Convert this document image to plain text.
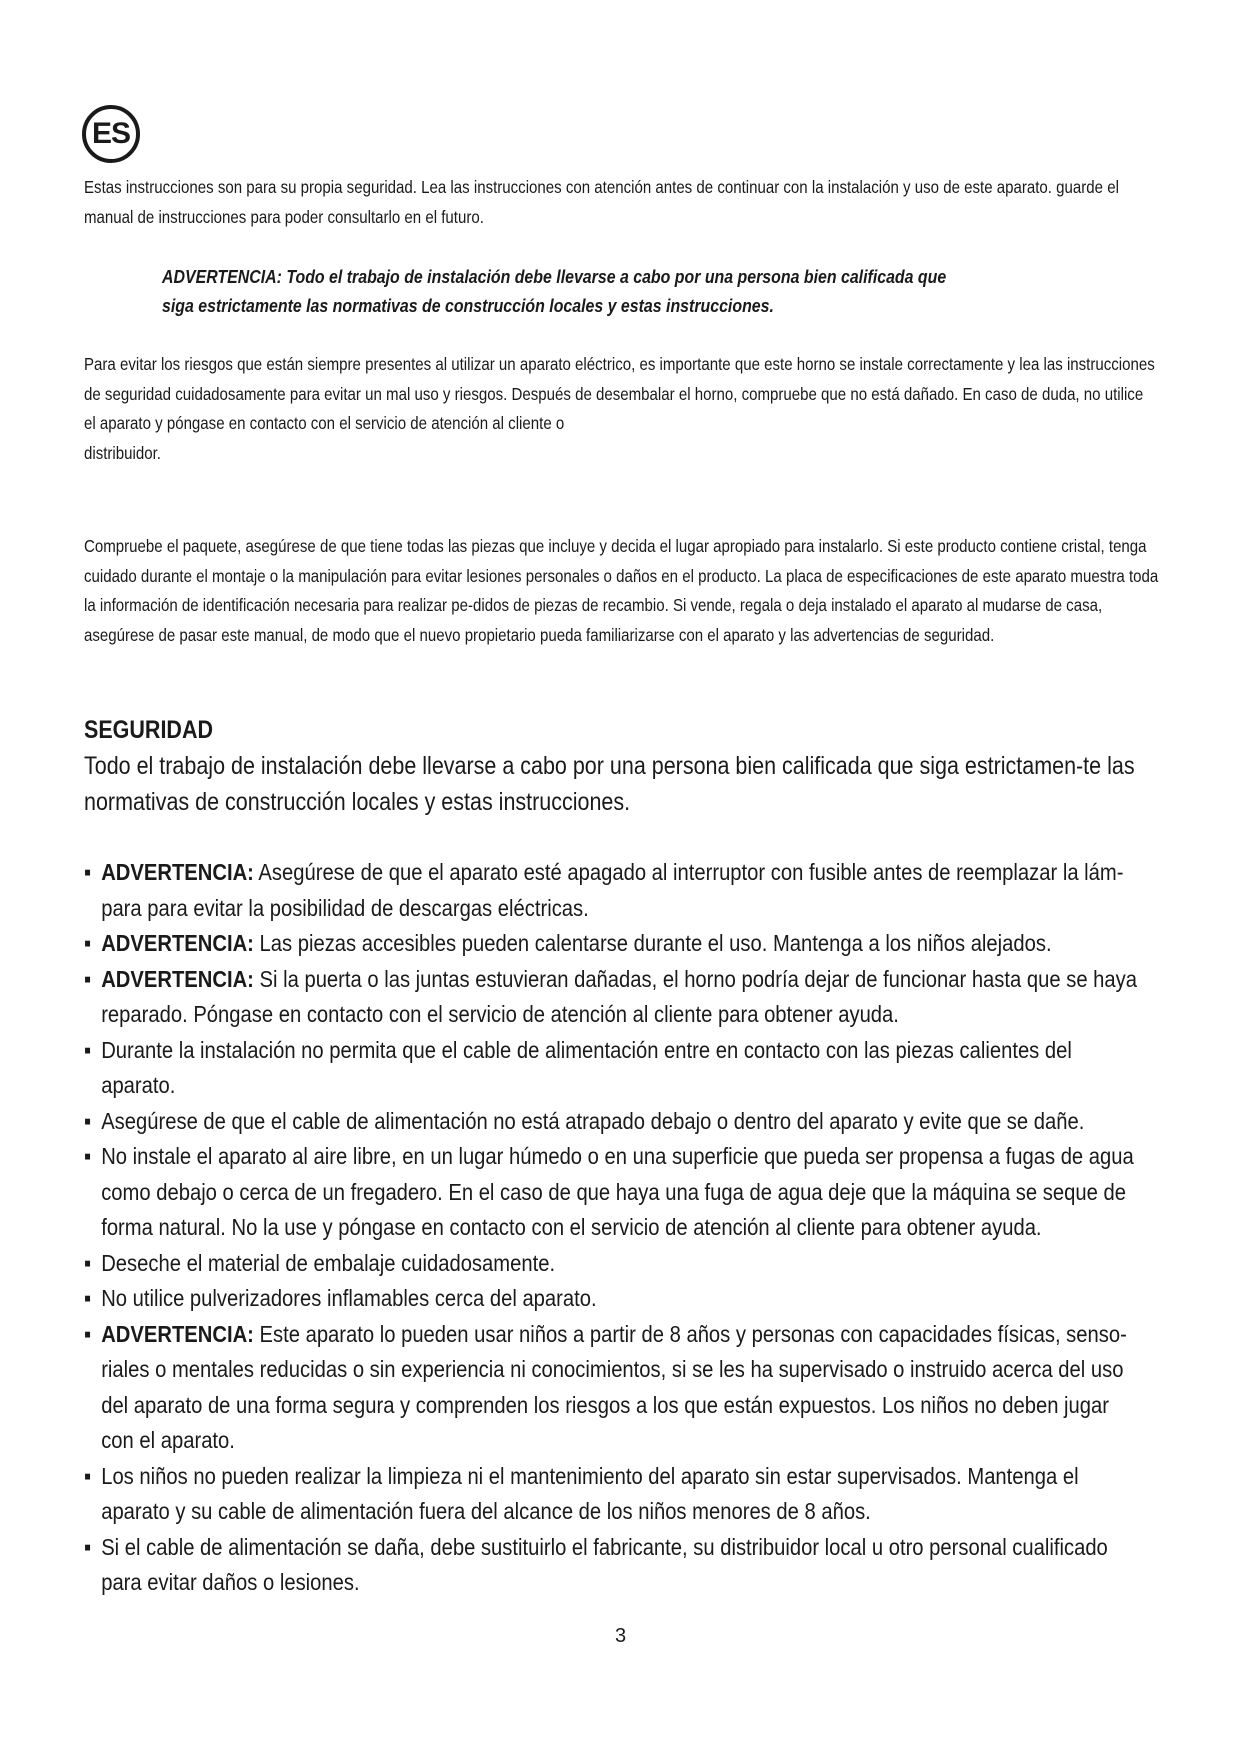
ES

Estas instrucciones son para su propia seguridad. Lea las instrucciones con atención antes de continuar con la instalación y uso de este aparato. guarde el manual de instrucciones para poder consultarlo en el futuro.

ADVERTENCIA: Todo el trabajo de instalación debe llevarse a cabo por una persona bien calificada que
siga estrictamente las normativas de construcción locales y estas instrucciones.
Para evitar los riesgos que están siempre presentes al utilizar un aparato eléctrico, es importante que este horno se instale correctamente y lea las instrucciones de seguridad cuidadosamente para evitar un mal uso y riesgos. Después de desembalar el horno, compruebe que no está dañado. En caso de duda, no utilice el aparato y póngase en contacto con el servicio de atención al cliente o
distribuidor.

Compruebe el paquete, asegúrese de que tiene todas las piezas que incluye y decida el lugar apropiado para instalarlo. Si este producto contiene cristal, tenga cuidado durante el montaje o la manipulación para evitar lesiones personales o daños en el producto. La placa de especificaciones de este aparato muestra toda la información de identificación necesaria para realizar pe-didos de piezas de recambio. Si vende, regala o deja instalado el aparato al mudarse de casa, asegúrese de pasar este manual, de modo que el nuevo propietario pueda familiarizarse con el aparato y las advertencias de seguridad.

SEGURIDAD

Todo el trabajo de instalación debe llevarse a cabo por una persona bien calificada que siga estrictamen-te las normativas de construcción locales y estas instrucciones.

▪ ADVERTENCIA: Asegúrese de que el aparato esté apagado al interruptor con fusible antes de reemplazar la lám-para para evitar la posibilidad de descargas eléctricas.
▪ ADVERTENCIA: Las piezas accesibles pueden calentarse durante el uso. Mantenga a los niños alejados.
▪ ADVERTENCIA: Si la puerta o las juntas estuvieran dañadas, el horno podría dejar de funcionar hasta que se haya reparado. Póngase en contacto con el servicio de atención al cliente para obtener ayuda.
▪ Durante la instalación no permita que el cable de alimentación entre en contacto con las piezas calientes del aparato.
▪ Asegúrese de que el cable de alimentación no está atrapado debajo o dentro del aparato y evite que se dañe.
▪ No instale el aparato al aire libre, en un lugar húmedo o en una superficie que pueda ser propensa a fugas de agua como debajo o cerca de un fregadero. En el caso de que haya una fuga de agua deje que la máquina se seque de forma natural. No la use y póngase en contacto con el servicio de atención al cliente para obtener ayuda.
▪ Deseche el material de embalaje cuidadosamente.
▪ No utilice pulverizadores inflamables cerca del aparato.
▪ ADVERTENCIA: Este aparato lo pueden usar niños a partir de 8 años y personas con capacidades físicas, senso-riales o mentales reducidas o sin experiencia ni conocimientos, si se les ha supervisado o instruido acerca del uso del aparato de una forma segura y comprenden los riesgos a los que están expuestos. Los niños no deben jugar con el aparato.
▪ Los niños no pueden realizar la limpieza ni el mantenimiento del aparato sin estar supervisados. Mantenga el aparato y su cable de alimentación fuera del alcance de los niños menores de 8 años.
▪ Si el cable de alimentación se daña, debe sustituirlo el fabricante, su distribuidor local u otro personal cualificado para evitar daños o lesiones.
3
